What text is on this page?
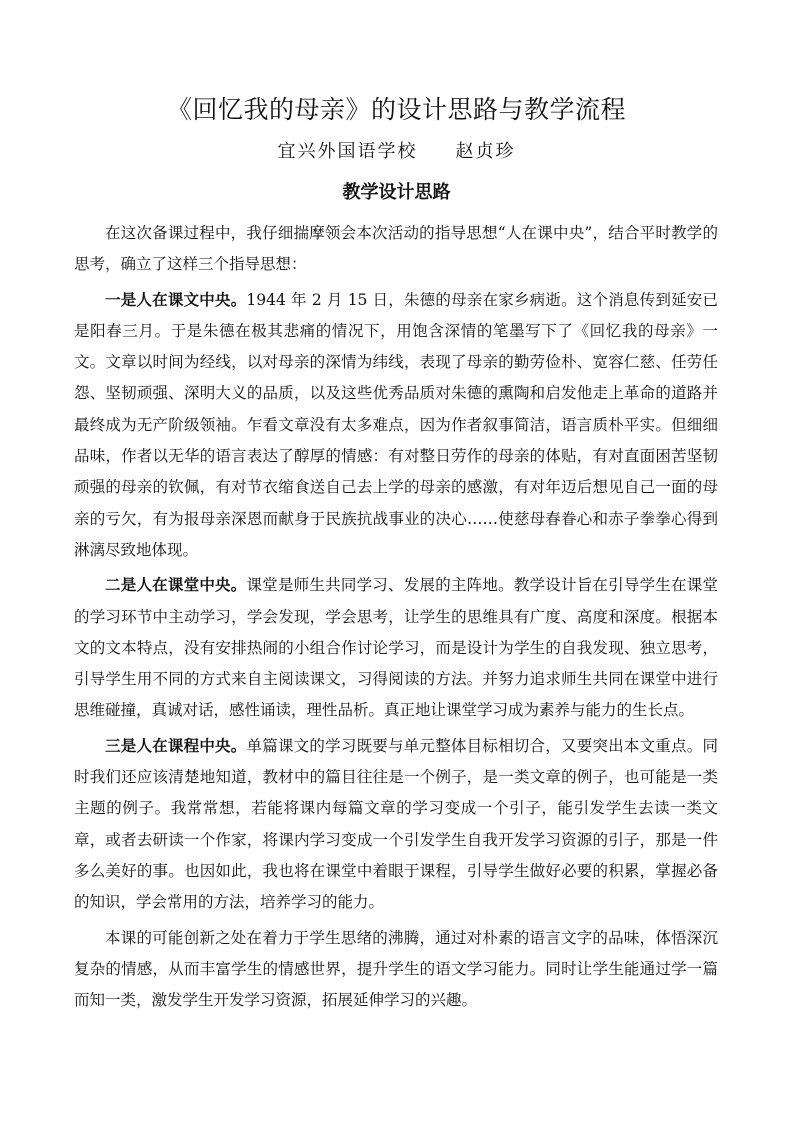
《回忆我的母亲》的设计思路与教学流程
宜兴外国语学校 赵贞珍
教学设计思路

在这次备课过程中，我仔细揣摩领会本次活动的指导思想“人在课中央”，结合平时教学的思考，确立了这样三个指导思想：

一是人在课文中央。1944 年 2 月 15 日，朱德的母亲在家乡病逝。这个消息传到延安已是阳春三月。于是朱德在极其悲痛的情况下，用饱含深情的笔墨写下了《回忆我的母亲》一文。文章以时间为经线，以对母亲的深情为纬线，表现了母亲的勤劳俭朴、宽容仁慈、任劳任怨、坚韧顽强、深明大义的品质，以及这些优秀品质对朱德的熏陶和启发他走上革命的道路并最终成为无产阶级领袖。乍看文章没有太多难点，因为作者叙事简洁，语言质朴平实。但细细品味，作者以无华的语言表达了醇厚的情感：有对整日劳作的母亲的体贴，有对直面困苦坚韧顽强的母亲的钦佩，有对节衣缩食送自己去上学的母亲的感激，有对年迈后想见自己一面的母亲的亏欠，有为报母亲深恩而献身于民族抗战事业的决心……使慈母春眷心和赤子拳拳心得到淋漓尽致地体现。

二是人在课堂中央。课堂是师生共同学习、发展的主阵地。教学设计旨在引导学生在课堂的学习环节中主动学习，学会发现，学会思考，让学生的思维具有广度、高度和深度。根据本文的文本特点，没有安排热闹的小组合作讨论学习，而是设计为学生的自我发现、独立思考，引导学生用不同的方式来自主阅读课文，习得阅读的方法。并努力追求师生共同在课堂中进行思维碰撞，真诚对话，感性诵读，理性品析。真正地让课堂学习成为素养与能力的生长点。

三是人在课程中央。单篇课文的学习既要与单元整体目标相切合，又要突出本文重点。同时我们还应该清楚地知道，教材中的篇目往往是一个例子，是一类文章的例子，也可能是一类主题的例子。我常常想，若能将课内每篇文章的学习变成一个引子，能引发学生去读一类文章，或者去研读一个作家，将课内学习变成一个引发学生自我开发学习资源的引子，那是一件多么美好的事。也因如此，我也将在课堂中着眼于课程，引导学生做好必要的积累，掌握必备的知识，学会常用的方法，培养学习的能力。

本课的可能创新之处在着力于学生思绪的沸腾，通过对朴素的语言文字的品味，体悟深沉复杂的情感，从而丰富学生的情感世界，提升学生的语文学习能力。同时让学生能通过学一篇而知一类，激发学生开发学习资源，拓展延伸学习的兴趣。
